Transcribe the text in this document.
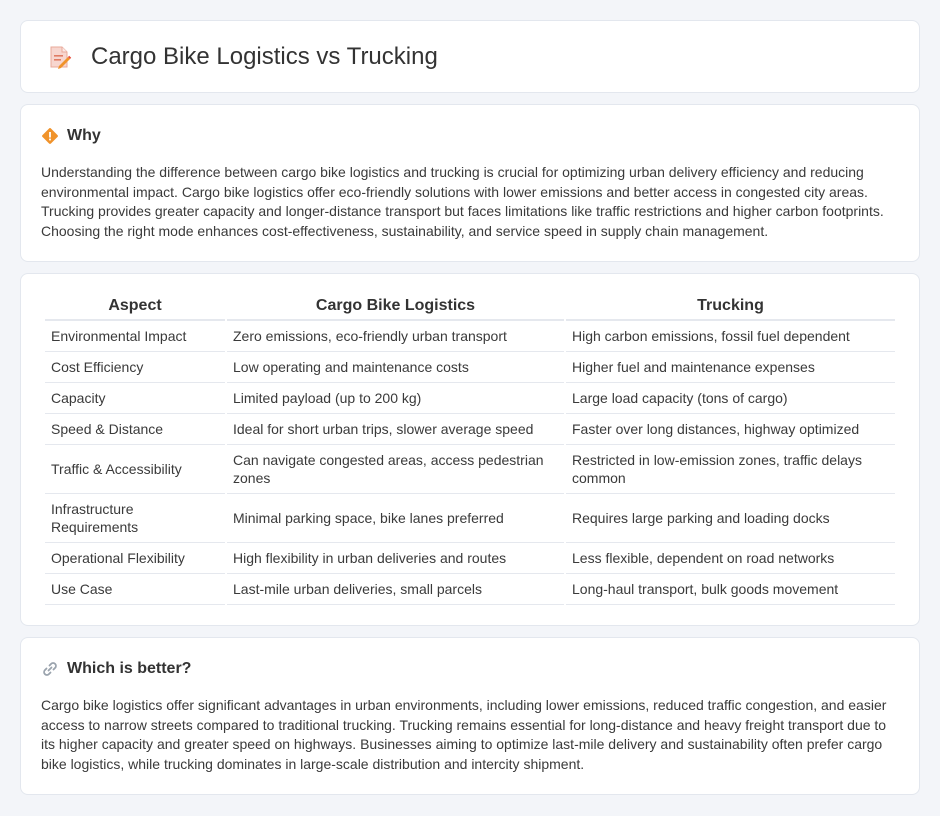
Cargo Bike Logistics vs Trucking
Why

Understanding the difference between cargo bike logistics and trucking is crucial for optimizing urban delivery efficiency and reducing environmental impact. Cargo bike logistics offer eco-friendly solutions with lower emissions and better access in congested city areas. Trucking provides greater capacity and longer-distance transport but faces limitations like traffic restrictions and higher carbon footprints. Choosing the right mode enhances cost-effectiveness, sustainability, and service speed in supply chain management.

Aspect	Cargo Bike Logistics	Trucking
Environmental Impact	Zero emissions, eco-friendly urban transport	High carbon emissions, fossil fuel dependent
Cost Efficiency	Low operating and maintenance costs	Higher fuel and maintenance expenses
Capacity	Limited payload (up to 200 kg)	Large load capacity (tons of cargo)
Speed & Distance	Ideal for short urban trips, slower average speed	Faster over long distances, highway optimized
Traffic & Accessibility	Can navigate congested areas, access pedestrian zones	Restricted in low-emission zones, traffic delays common
Infrastructure Requirements	Minimal parking space, bike lanes preferred	Requires large parking and loading docks
Operational Flexibility	High flexibility in urban deliveries and routes	Less flexible, dependent on road networks
Use Case	Last-mile urban deliveries, small parcels	Long-haul transport, bulk goods movement
Which is better?

Cargo bike logistics offer significant advantages in urban environments, including lower emissions, reduced traffic congestion, and easier access to narrow streets compared to traditional trucking. Trucking remains essential for long-distance and heavy freight transport due to its higher capacity and greater speed on highways. Businesses aiming to optimize last-mile delivery and sustainability often prefer cargo bike logistics, while trucking dominates in large-scale distribution and intercity shipment.
